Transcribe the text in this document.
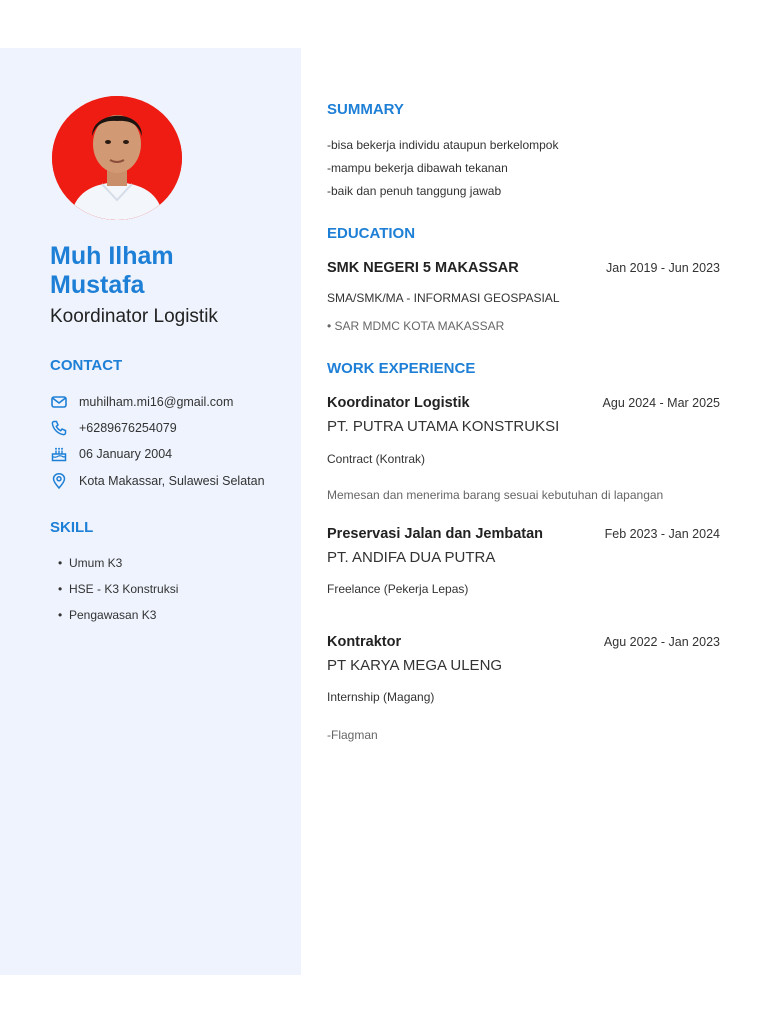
Muh Ilham
Mustafa
Koordinator Logistik
CONTACT
muhilham.mi16@gmail.com
+6289676254079
06 January 2004
Kota Makassar, Sulawesi Selatan
SKILL
• Umum K3
• HSE - K3 Konstruksi
• Pengawasan K3
SUMMARY
-bisa bekerja individu ataupun berkelompok
-mampu bekerja dibawah tekanan
-baik dan penuh tanggung jawab
EDUCATION
SMK NEGERI 5 MAKASSAR	Jan 2019 - Jun 2023
SMA/SMK/MA - INFORMASI GEOSPASIAL
• SAR MDMC KOTA MAKASSAR
WORK EXPERIENCE
Koordinator Logistik	Agu 2024 - Mar 2025
PT. PUTRA UTAMA KONSTRUKSI
Contract (Kontrak)
Memesan dan menerima barang sesuai kebutuhan di lapangan
Preservasi Jalan dan Jembatan	Feb 2023 - Jan 2024
PT. ANDIFA DUA PUTRA
Freelance (Pekerja Lepas)
Kontraktor	Agu 2022 - Jan 2023
PT KARYA MEGA ULENG
Internship (Magang)
-Flagman
